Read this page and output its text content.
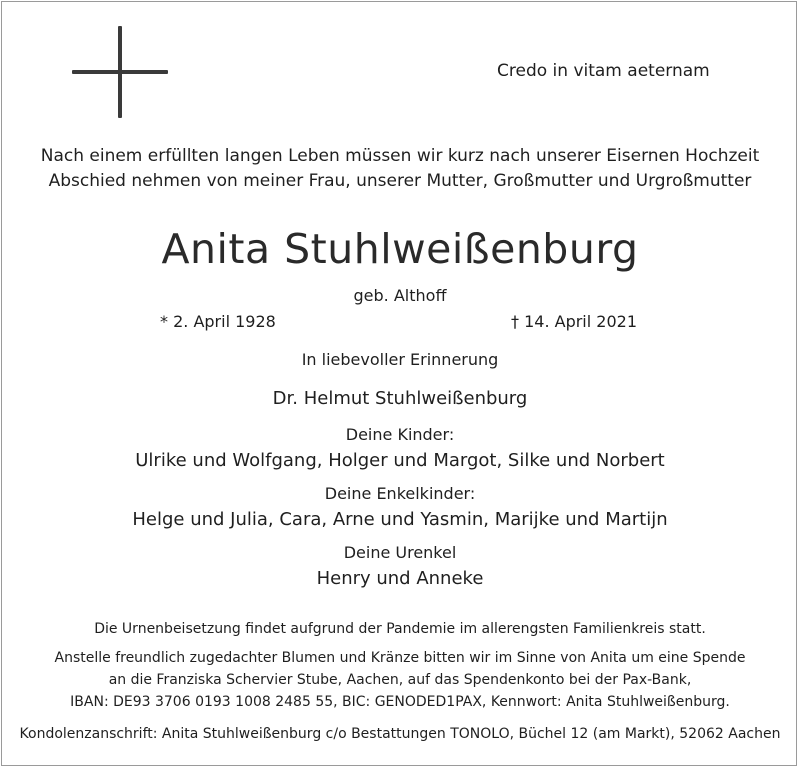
Credo in vitam aeternam
Nach einem erfüllten langen Leben müssen wir kurz nach unserer Eisernen Hochzeit
Abschied nehmen von meiner Frau, unserer Mutter, Großmutter und Urgroßmutter
Anita Stuhlweißenburg
geb. Althoff
* 2. April 1928	† 14. April 2021
In liebevoller Erinnerung
Dr. Helmut Stuhlweißenburg
Deine Kinder:
Ulrike und Wolfgang, Holger und Margot, Silke und Norbert
Deine Enkelkinder:
Helge und Julia, Cara, Arne und Yasmin, Marijke und Martijn
Deine Urenkel
Henry und Anneke
Die Urnenbeisetzung findet aufgrund der Pandemie im allerengsten Familienkreis statt.
Anstelle freundlich zugedachter Blumen und Kränze bitten wir im Sinne von Anita um eine Spende
an die Franziska Schervier Stube, Aachen, auf das Spendenkonto bei der Pax-Bank,
IBAN: DE93 3706 0193 1008 2485 55, BIC: GENODED1PAX, Kennwort: Anita Stuhlweißenburg.
Kondolenzanschrift: Anita Stuhlweißenburg c/o Bestattungen TONOLO, Büchel 12 (am Markt), 52062 Aachen
